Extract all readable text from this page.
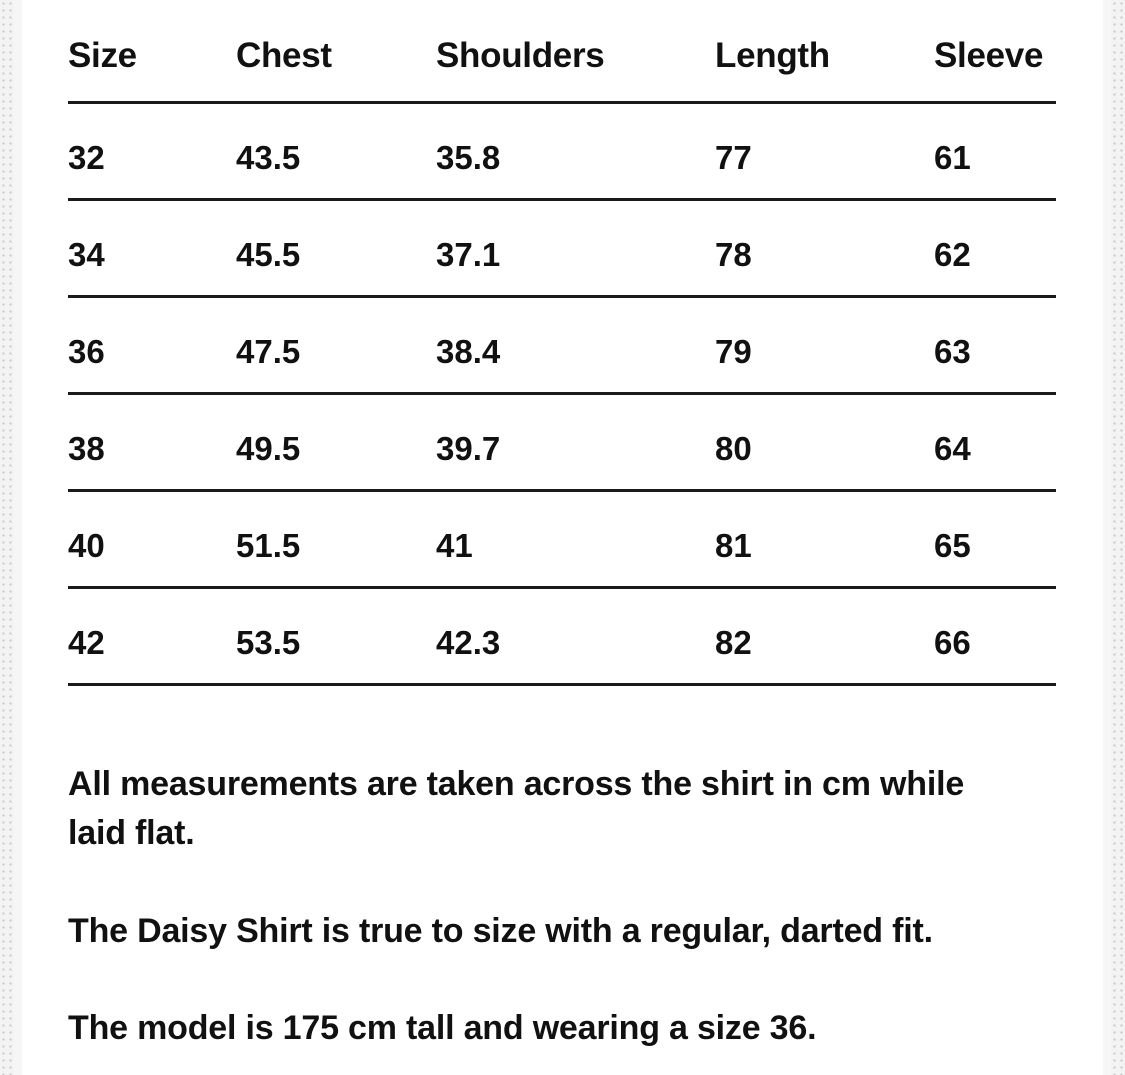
Size	Chest	Shoulders	Length	Sleeve
32	43.5	35.8	77	61
34	45.5	37.1	78	62
36	47.5	38.4	79	63
38	49.5	39.7	80	64
40	51.5	41	81	65
42	53.5	42.3	82	66

All measurements are taken across the shirt in cm while laid flat.

The Daisy Shirt is true to size with a regular, darted fit.

The model is 175 cm tall and wearing a size 36.
